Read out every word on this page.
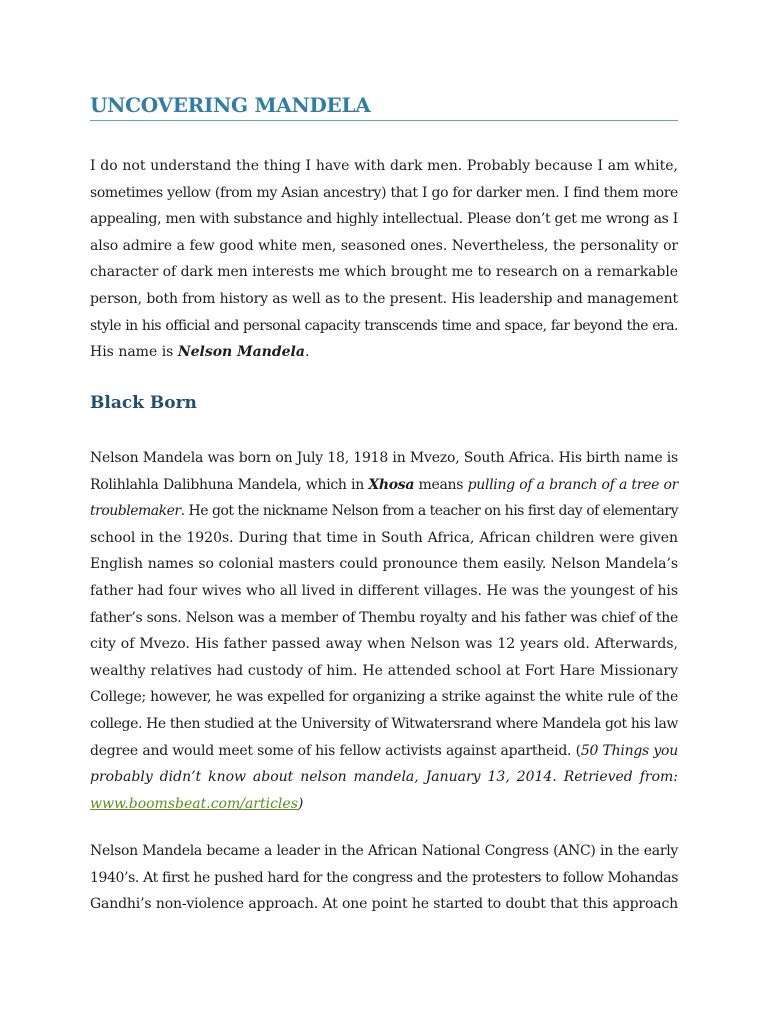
UNCOVERING MANDELA

I do not understand the thing I have with dark men. Probably because I am white,
sometimes yellow (from my Asian ancestry) that I go for darker men. I find them more
appealing, men with substance and highly intellectual. Please don’t get me wrong as I
also admire a few good white men, seasoned ones. Nevertheless, the personality or
character of dark men interests me which brought me to research on a remarkable
person, both from history as well as to the present. His leadership and management
style in his official and personal capacity transcends time and space, far beyond the era.
His name is Nelson Mandela.

Black Born

Nelson Mandela was born on July 18, 1918 in Mvezo, South Africa. His birth name is
Rolihlahla Dalibhuna Mandela, which in Xhosa means pulling of a branch of a tree or
troublemaker. He got the nickname Nelson from a teacher on his first day of elementary
school in the 1920s. During that time in South Africa, African children were given
English names so colonial masters could pronounce them easily. Nelson Mandela’s
father had four wives who all lived in different villages. He was the youngest of his
father’s sons. Nelson was a member of Thembu royalty and his father was chief of the
city of Mvezo. His father passed away when Nelson was 12 years old. Afterwards,
wealthy relatives had custody of him. He attended school at Fort Hare Missionary
College; however, he was expelled for organizing a strike against the white rule of the
college. He then studied at the University of Witwatersrand where Mandela got his law
degree and would meet some of his fellow activists against apartheid. (50 Things you
probably didn’t know about nelson mandela, January 13, 2014. Retrieved from:
www.boomsbeat.com/articles)

Nelson Mandela became a leader in the African National Congress (ANC) in the early
1940’s. At first he pushed hard for the congress and the protesters to follow Mohandas
Gandhi’s non-violence approach. At one point he started to doubt that this approach
